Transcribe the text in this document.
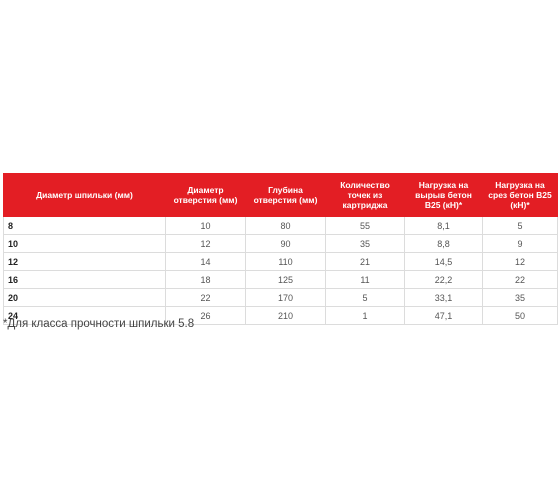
Диаметр шпильки (мм)	Диаметр отверстия (мм)	Глубина отверстия (мм)	Количество точек из картриджа	Нагрузка на вырыв бетон B25 (кН)*	Нагрузка на срез бетон B25 (кН)*
8	10	80	55	8,1	5
10	12	90	35	8,8	9
12	14	110	21	14,5	12
16	18	125	11	22,2	22
20	22	170	5	33,1	35
24	26	210	1	47,1	50
*Для класса прочности шпильки 5.8
